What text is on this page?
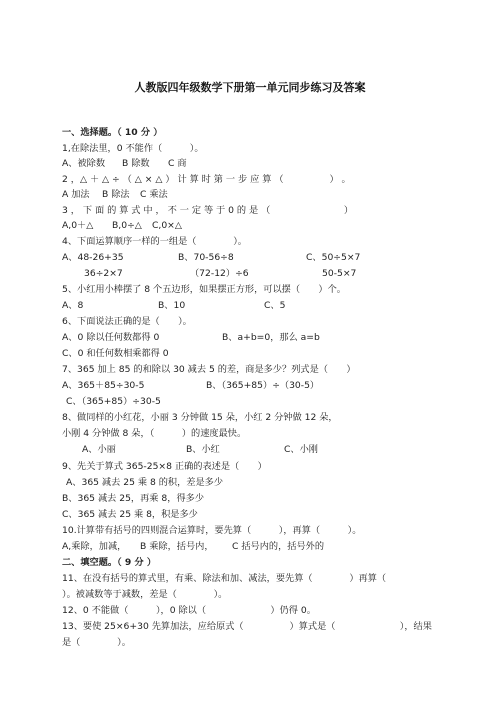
人教版四年级数学下册第一单元同步练习及答案
一、选择题。（ 10 分 ）
1,在除法里，0 不能作（　　　）。
A、被除数 B 除数 C 商
2 ，△ ＋ △ ÷ （ △ × △ ） 计 算 时 第 一 步 应 算 （　　　　　） 。
A 加法 B 除法 C 乘法
3 ， 下 面 的 算 式 中 ， 不 一 定 等 于 0 的 是 （　　　　　　　　）
A,0＋△ B,0÷△ C,0×△
4、下面运算顺序一样的一组是（　　　　）。
A、48-26+35	B、70-56÷8	C、50÷5×7
36÷2×7	（72-12）÷6	50-5×7
5、小红用小棒摆了 8 个五边形，如果摆正方形，可以摆（　　）个。
A、8	B、10	C、5
6、下面说法正确的是（　　）。
A、0 除以任何数都得 0	B、a+b=0，那么 a=b
C、0 和任何数相乘都得 0
7、365 加上 85 的和除以 30 减去 5 的差，商是多少？列式是（　　）
A、365＋85÷30-5	B、（365+85）÷（30-5）
C、（365+85）÷30-5
8、做同样的小红花，小丽 3 分钟做 15 朵，小红 2 分钟做 12 朵，
小刚 4 分钟做 8 朵，（　　　）的速度最快。
A、小丽	B、小红	C、小刚
9、先关于算式 365-25×8 正确的表述是（　　）
A、365 减去 25 乘 8 的积，差是多少
B、365 减去 25，再乘 8，得多少
C、365 减去 25 乘 8，积是多少
10.计算带有括号的四则混合运算时，要先算（　　　），再算（　　　）。
A,乘除，加减， B 乘除，括号内， C 括号内的，括号外的
二、填空题。（ 9 分 ）
11、在没有括号的算式里，有乘、除法和加、减法，要先算（　　　　）再算（　　　
）。被减数等于减数，差是（　　　　）。
12、0 不能做（　　　），0 除以（　　　　　　　）仍得 0。
13、要使 25×6+30 先算加法，应给原式（　　　　　）算式是（　　　　　　　），结果
是（　　　　）。
